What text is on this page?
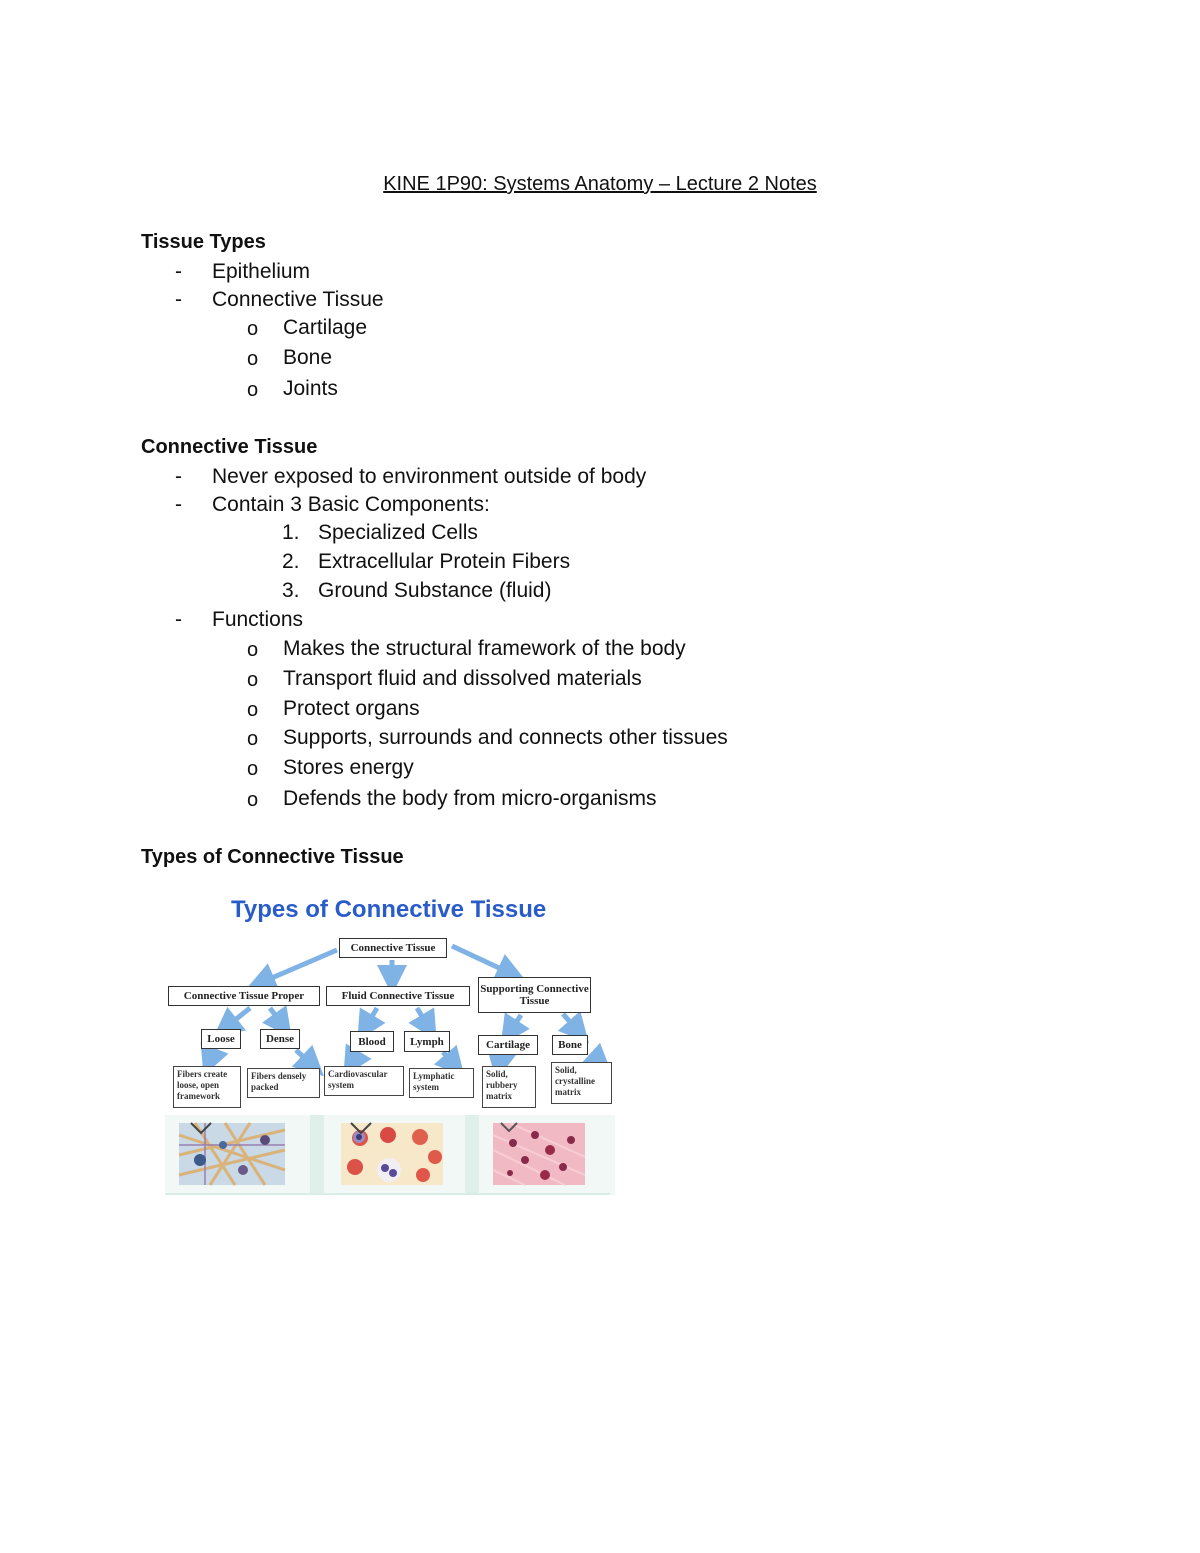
KINE 1P90: Systems Anatomy – Lecture 2 Notes
Tissue Types
- Epithelium
- Connective Tissue
o Cartilage
o Bone
o Joints
Connective Tissue
- Never exposed to environment outside of body
- Contain 3 Basic Components:
1. Specialized Cells
2. Extracellular Protein Fibers
3. Ground Substance (fluid)
- Functions
o Makes the structural framework of the body
o Transport fluid and dissolved materials
o Protect organs
o Supports, surrounds and connects other tissues
o Stores energy
o Defends the body from micro-organisms
Types of Connective Tissue
Types of Connective Tissue
Connective Tissue
Connective Tissue Proper	Fluid Connective Tissue
Supporting Connective Tissue
Loose	Dense	Blood	Lymph	Cartilage	Bone
Fibers create loose, open framework
Fibers densely packed
Cardiovascular system
Lymphatic system
Solid, rubbery matrix
Solid, crystalline matrix
